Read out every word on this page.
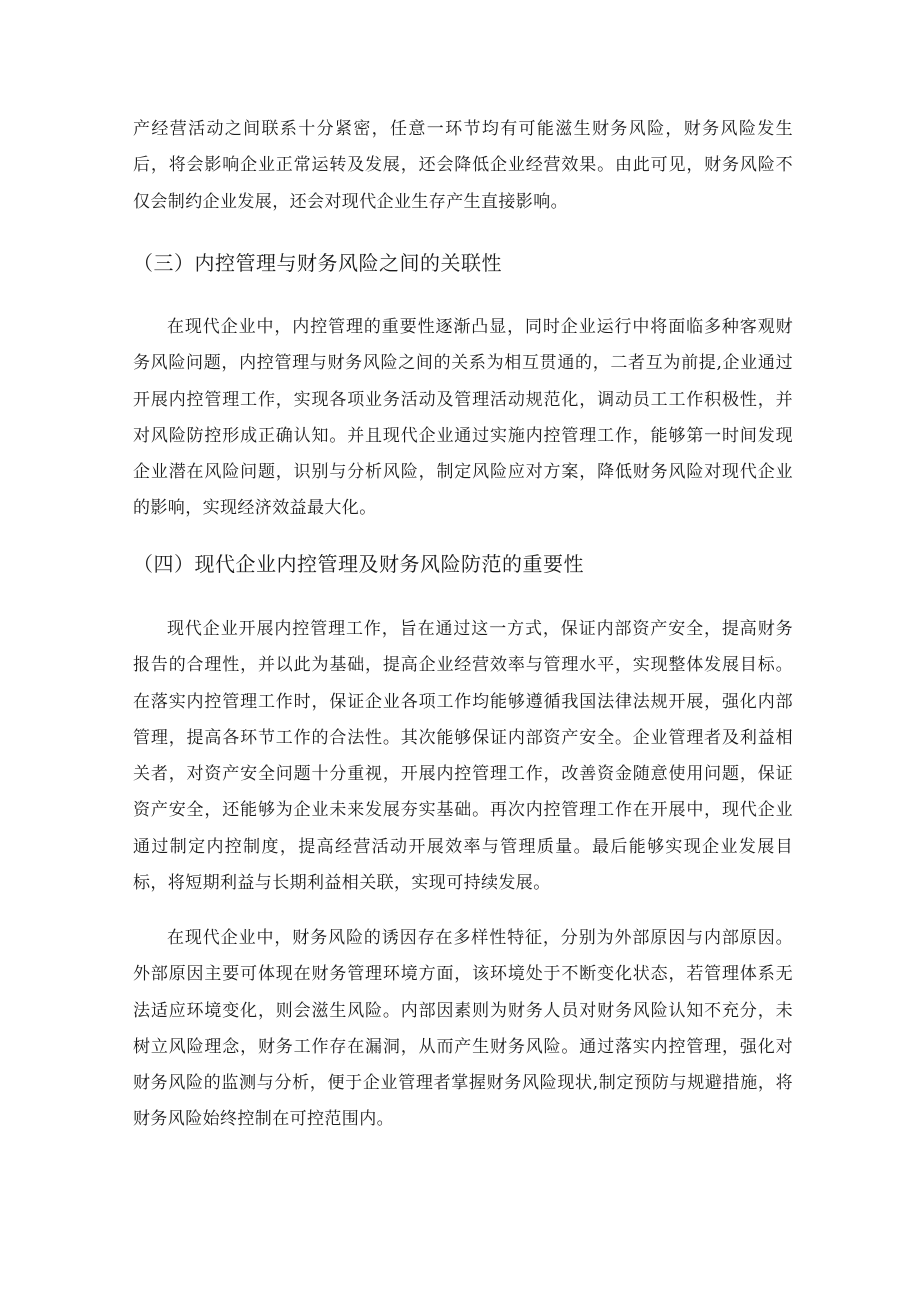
产经营活动之间联系十分紧密，任意一环节均有可能滋生财务风险，财务风险发生后，将会影响企业正常运转及发展，还会降低企业经营效果。由此可见，财务风险不仅会制约企业发展，还会对现代企业生存产生直接影响。

（三）内控管理与财务风险之间的关联性

在现代企业中，内控管理的重要性逐渐凸显，同时企业运行中将面临多种客观财务风险问题，内控管理与财务风险之间的关系为相互贯通的，二者互为前提,企业通过开展内控管理工作，实现各项业务活动及管理活动规范化，调动员工工作积极性，并对风险防控形成正确认知。并且现代企业通过实施内控管理工作，能够第一时间发现企业潜在风险问题，识别与分析风险，制定风险应对方案，降低财务风险对现代企业的影响，实现经济效益最大化。

（四）现代企业内控管理及财务风险防范的重要性

现代企业开展内控管理工作，旨在通过这一方式，保证内部资产安全，提高财务报告的合理性，并以此为基础，提高企业经营效率与管理水平，实现整体发展目标。在落实内控管理工作时，保证企业各项工作均能够遵循我国法律法规开展，强化内部管理，提高各环节工作的合法性。其次能够保证内部资产安全。企业管理者及利益相关者，对资产安全问题十分重视，开展内控管理工作，改善资金随意使用问题，保证资产安全，还能够为企业未来发展夯实基础。再次内控管理工作在开展中，现代企业通过制定内控制度，提高经营活动开展效率与管理质量。最后能够实现企业发展目标，将短期利益与长期利益相关联，实现可持续发展。

在现代企业中，财务风险的诱因存在多样性特征，分别为外部原因与内部原因。外部原因主要可体现在财务管理环境方面，该环境处于不断变化状态，若管理体系无法适应环境变化，则会滋生风险。内部因素则为财务人员对财务风险认知不充分，未树立风险理念，财务工作存在漏洞，从而产生财务风险。通过落实内控管理，强化对财务风险的监测与分析，便于企业管理者掌握财务风险现状,制定预防与规避措施，将财务风险始终控制在可控范围内。
